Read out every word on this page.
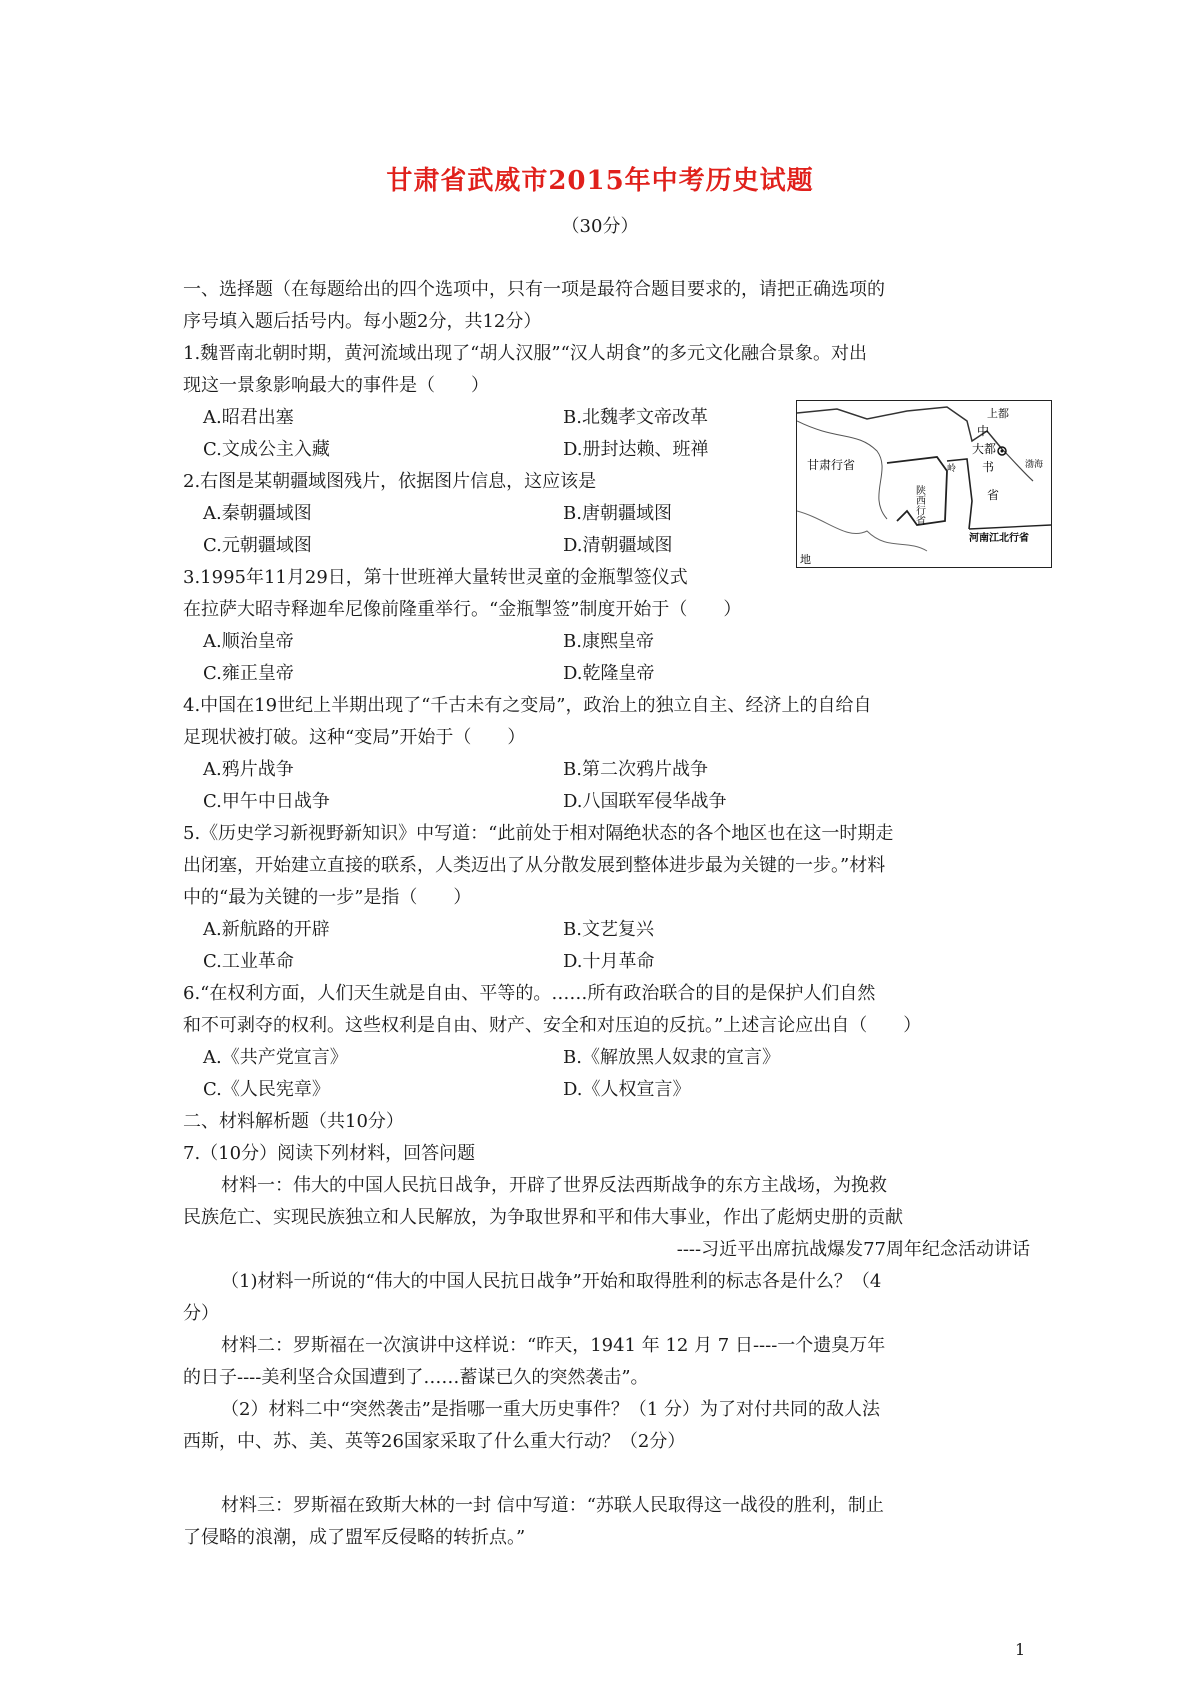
甘肃省武威市2015年中考历史试题
（30分）
一、选择题（在每题给出的四个选项中，只有一项是最符合题目要求的，请把正确选项的
序号填入题后括号内。每小题2分，共12分）
1.魏晋南北朝时期，黄河流域出现了“胡人汉服”“汉人胡食”的多元文化融合景象。对出
现这一景象影响最大的事件是（　　）
A.昭君出塞	B.北魏孝文帝改革
C.文成公主入藏	D.册封达赖、班禅
2.右图是某朝疆域图残片，依据图片信息，这应该是
A.秦朝疆域图	B.唐朝疆域图
C.元朝疆域图	D.清朝疆域图
上都
中
大都
书
省
甘肃行省
陕西行省
河南江北行省
地
岭	渤海
3.1995年11月29日，第十世班禅大量转世灵童的金瓶掣签仪式
在拉萨大昭寺释迦牟尼像前隆重举行。“金瓶掣签”制度开始于（　　）
A.顺治皇帝	B.康熙皇帝
C.雍正皇帝	D.乾隆皇帝
4.中国在19世纪上半期出现了“千古未有之变局”，政治上的独立自主、经济上的自给自
足现状被打破。这种“变局”开始于（　　）
A.鸦片战争	B.第二次鸦片战争
C.甲午中日战争	D.八国联军侵华战争
5.《历史学习新视野新知识》中写道：“此前处于相对隔绝状态的各个地区也在这一时期走
出闭塞，开始建立直接的联系，人类迈出了从分散发展到整体进步最为关键的一步。”材料
中的“最为关键的一步”是指（　　）
A.新航路的开辟	B.文艺复兴
C.工业革命	D.十月革命
6.“在权利方面，人们天生就是自由、平等的。……所有政治联合的目的是保护人们自然
和不可剥夺的权利。这些权利是自由、财产、安全和对压迫的反抗。”上述言论应出自（　　）
A.《共产党宣言》	B.《解放黑人奴隶的宣言》
C.《人民宪章》	D.《人权宣言》
二、材料解析题（共10分）
7.（10分）阅读下列材料，回答问题
材料一：伟大的中国人民抗日战争，开辟了世界反法西斯战争的东方主战场，为挽救
民族危亡、实现民族独立和人民解放，为争取世界和平和伟大事业，作出了彪炳史册的贡献
----习近平出席抗战爆发77周年纪念活动讲话
（1)材料一所说的“伟大的中国人民抗日战争”开始和取得胜利的标志各是什么？（4
分）
材料二：罗斯福在一次演讲中这样说：“昨天，1941 年 12 月 7 日----一个遗臭万年
的日子----美利坚合众国遭到了……蓄谋已久的突然袭击”。
（2）材料二中“突然袭击”是指哪一重大历史事件？（1 分）为了对付共同的敌人法
西斯，中、苏、美、英等26国家采取了什么重大行动？（2分）
材料三：罗斯福在致斯大林的一封 信中写道：“苏联人民取得这一战役的胜利，制止
了侵略的浪潮，成了盟军反侵略的转折点。”
1
